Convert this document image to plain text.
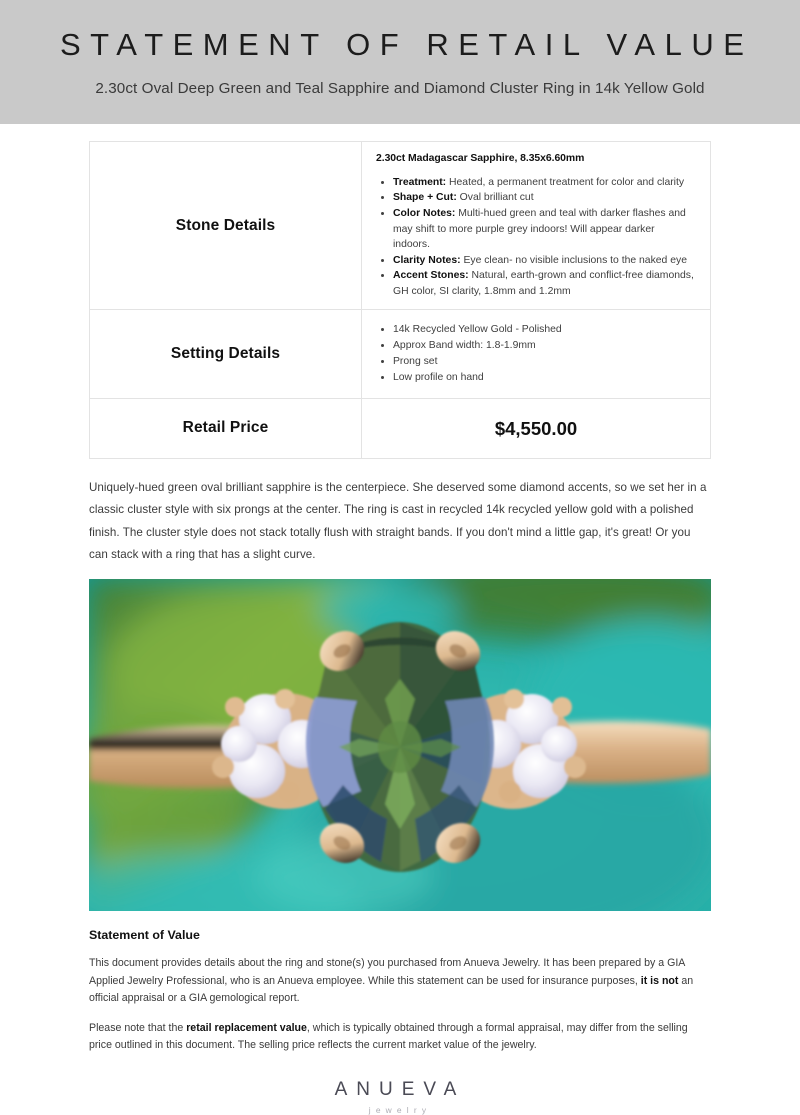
STATEMENT OF RETAIL VALUE
2.30ct Oval Deep Green and Teal Sapphire and Diamond Cluster Ring in 14k Yellow Gold
Stone Details	
2.30ct Madagascar Sapphire, 8.35x6.60mm
• Treatment: Heated, a permanent treatment for color and clarity
• Shape + Cut: Oval brilliant cut
• Color Notes: Multi-hued green and teal with darker flashes and may shift to more purple grey indoors! Will appear darker indoors.
• Clarity Notes: Eye clean- no visible inclusions to the naked eye
• Accent Stones: Natural, earth-grown and conflict-free diamonds, GH color, SI clarity, 1.8mm and 1.2mm

Setting Details	
• 14k Recycled Yellow Gold - Polished
• Approx Band width: 1.8-1.9mm
• Prong set
• Low profile on hand

Retail Price	$4,550.00

Uniquely-hued green oval brilliant sapphire is the centerpiece. She deserved some diamond accents, so we set her in a classic cluster style with six prongs at the center. The ring is cast in recycled 14k recycled yellow gold with a polished finish. The cluster style does not stack totally flush with straight bands. If you don't mind a little gap, it's great! Or you can stack with a ring that has a slight curve.

Statement of Value

This document provides details about the ring and stone(s) you purchased from Anueva Jewelry. It has been prepared by a GIA Applied Jewelry Professional, who is an Anueva employee. While this statement can be used for insurance purposes, it is not an official appraisal or a GIA gemological report.

Please note that the retail replacement value, which is typically obtained through a formal appraisal, may differ from the selling price outlined in this document. The selling price reflects the current market value of the jewelry.

ANUEVA
jewelry
